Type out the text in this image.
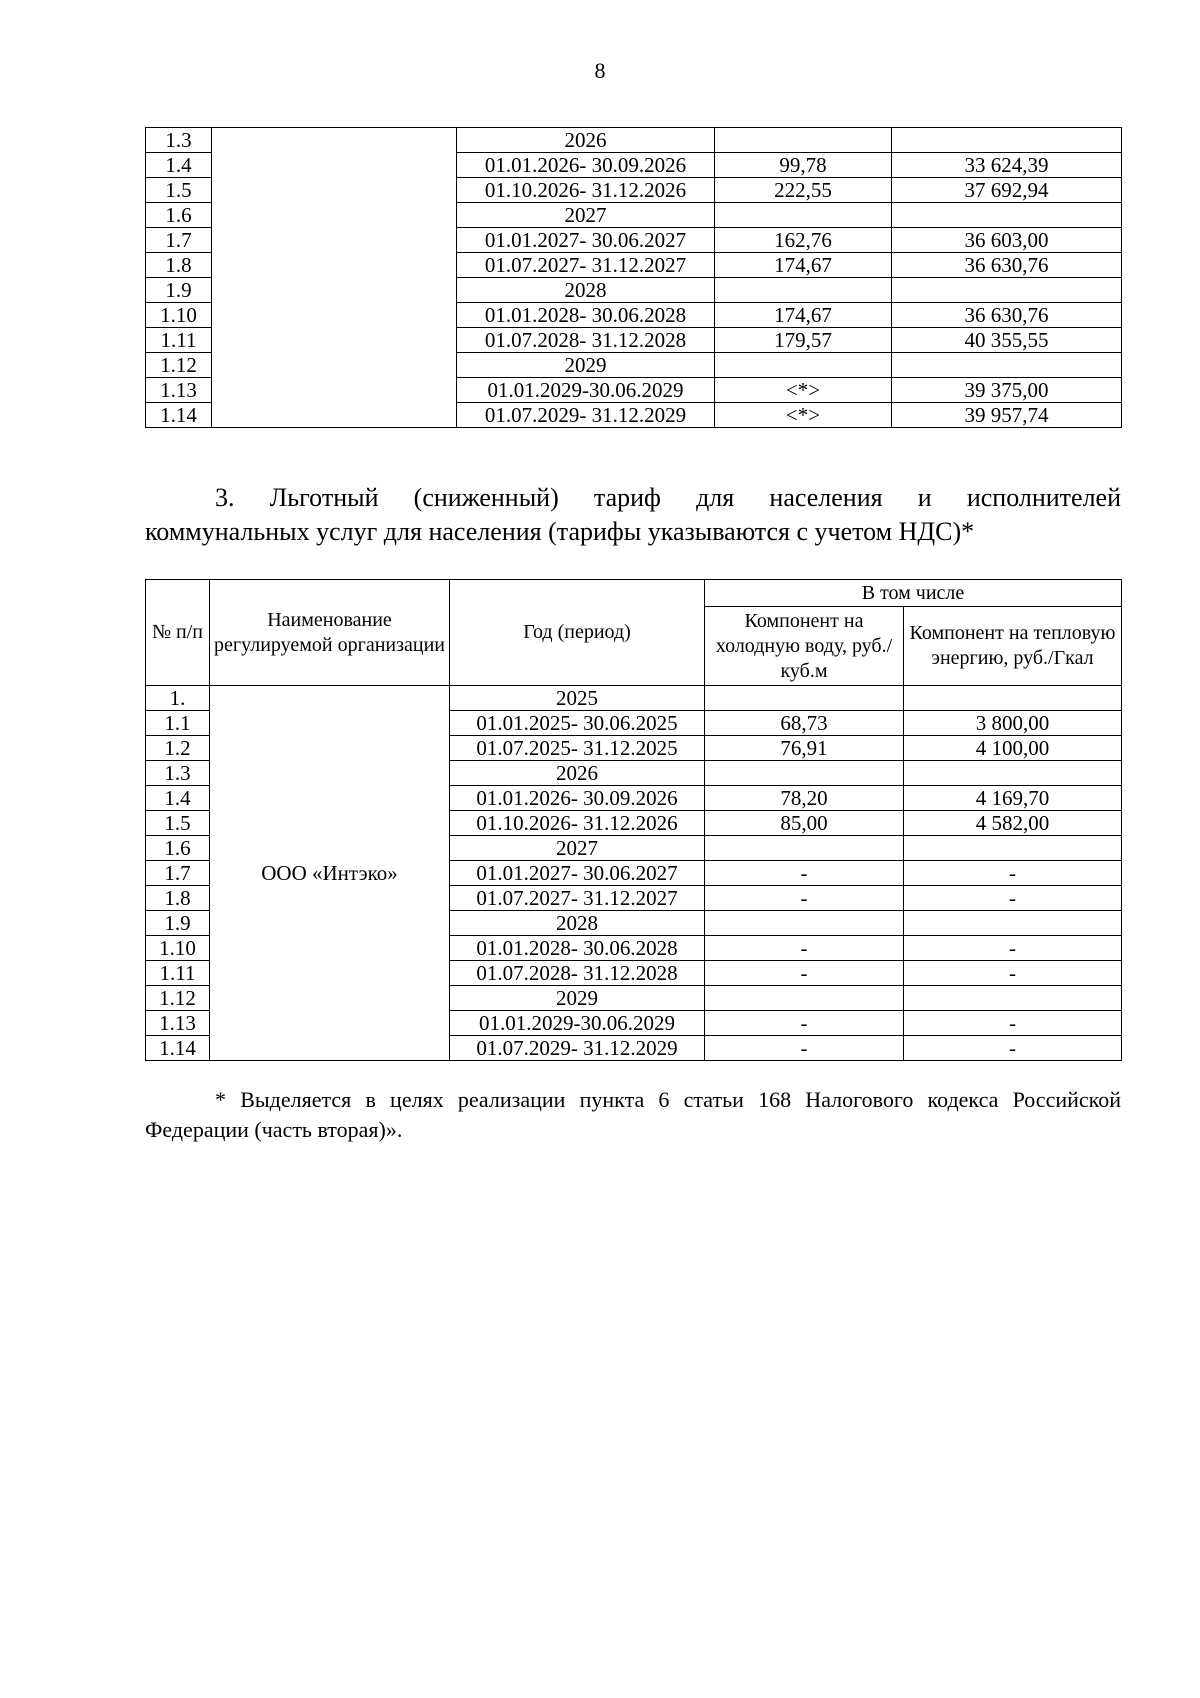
8
1.3		2026		
1.4		01.01.2026- 30.09.2026	99,78	33 624,39
1.5		01.10.2026- 31.12.2026	222,55	37 692,94
1.6		2027		
1.7		01.01.2027- 30.06.2027	162,76	36 603,00
1.8		01.07.2027- 31.12.2027	174,67	36 630,76
1.9		2028		
1.10		01.01.2028- 30.06.2028	174,67	36 630,76
1.11		01.07.2028- 31.12.2028	179,57	40 355,55
1.12		2029		
1.13		01.01.2029-30.06.2029	<*>	39 375,00
1.14		01.07.2029- 31.12.2029	<*>	39 957,74
3. Льготный (сниженный) тариф для населения и исполнителей
коммунальных услуг для населения (тарифы указываются с учетом НДС)*
№ п/п	Наименование регулируемой организации	Год (период)	В том числе	
			Компонент на холодную воду, руб./куб.м	Компонент на тепловую энергию, руб./Гкал
1.	ООО «Интэко»	2025		
1.1		01.01.2025- 30.06.2025	68,73	3 800,00
1.2		01.07.2025- 31.12.2025	76,91	4 100,00
1.3		2026		
1.4		01.01.2026- 30.09.2026	78,20	4 169,70
1.5		01.10.2026- 31.12.2026	85,00	4 582,00
1.6		2027		
1.7		01.01.2027- 30.06.2027	-	-
1.8		01.07.2027- 31.12.2027	-	-
1.9		2028		
1.10		01.01.2028- 30.06.2028	-	-
1.11		01.07.2028- 31.12.2028	-	-
1.12		2029		
1.13		01.01.2029-30.06.2029	-	-
1.14		01.07.2029- 31.12.2029	-	-
* Выделяется в целях реализации пункта 6 статьи 168 Налогового кодекса Российской
Федерации (часть вторая)».
